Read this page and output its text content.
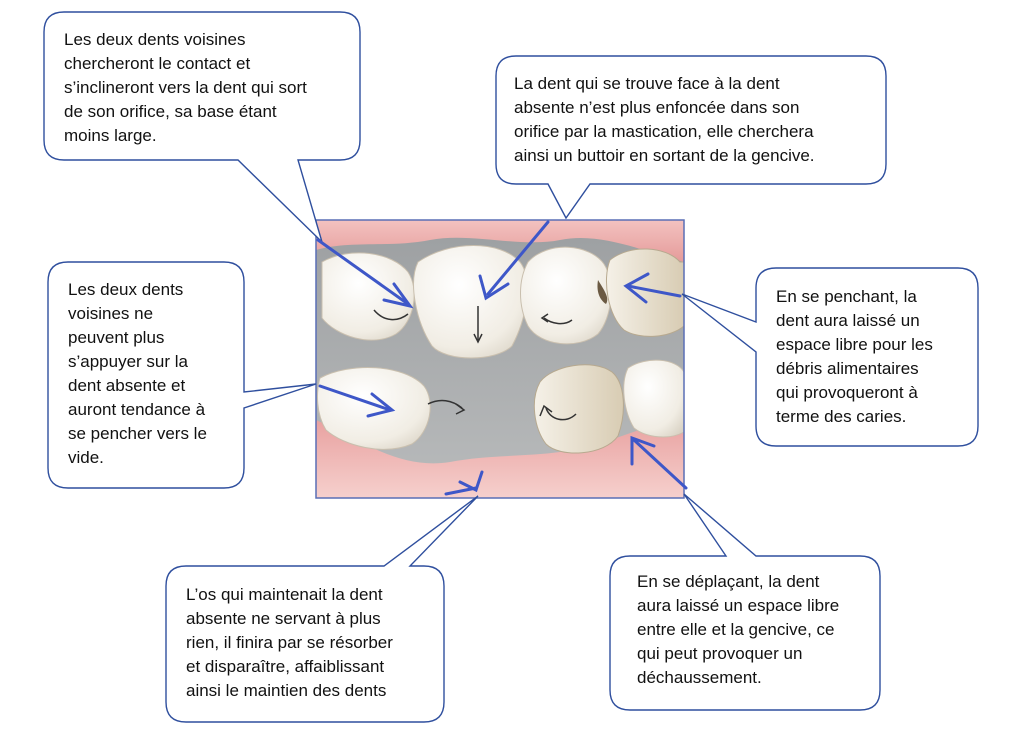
Les deux dents voisines
chercheront le contact et
s’inclineront vers la dent qui sort
de son orifice, sa base étant
moins large.

La dent qui se trouve face à la dent
absente n’est plus enfoncée dans son
orifice par la mastication, elle cherchera
ainsi un buttoir en sortant de la gencive.

Les deux dents
voisines ne
peuvent plus
s’appuyer sur la
dent absente et
auront tendance à
se pencher vers le
vide.

En se penchant, la
dent aura laissé un
espace libre pour les
débris alimentaires
qui provoqueront à
terme des caries.

L’os qui maintenait la dent
absente ne servant à plus
rien, il finira par se résorber
et disparaître, affaiblissant
ainsi le maintien des dents

En se déplaçant, la dent
aura laissé un espace libre
entre elle et la gencive, ce
qui peut provoquer un
déchaussement.
